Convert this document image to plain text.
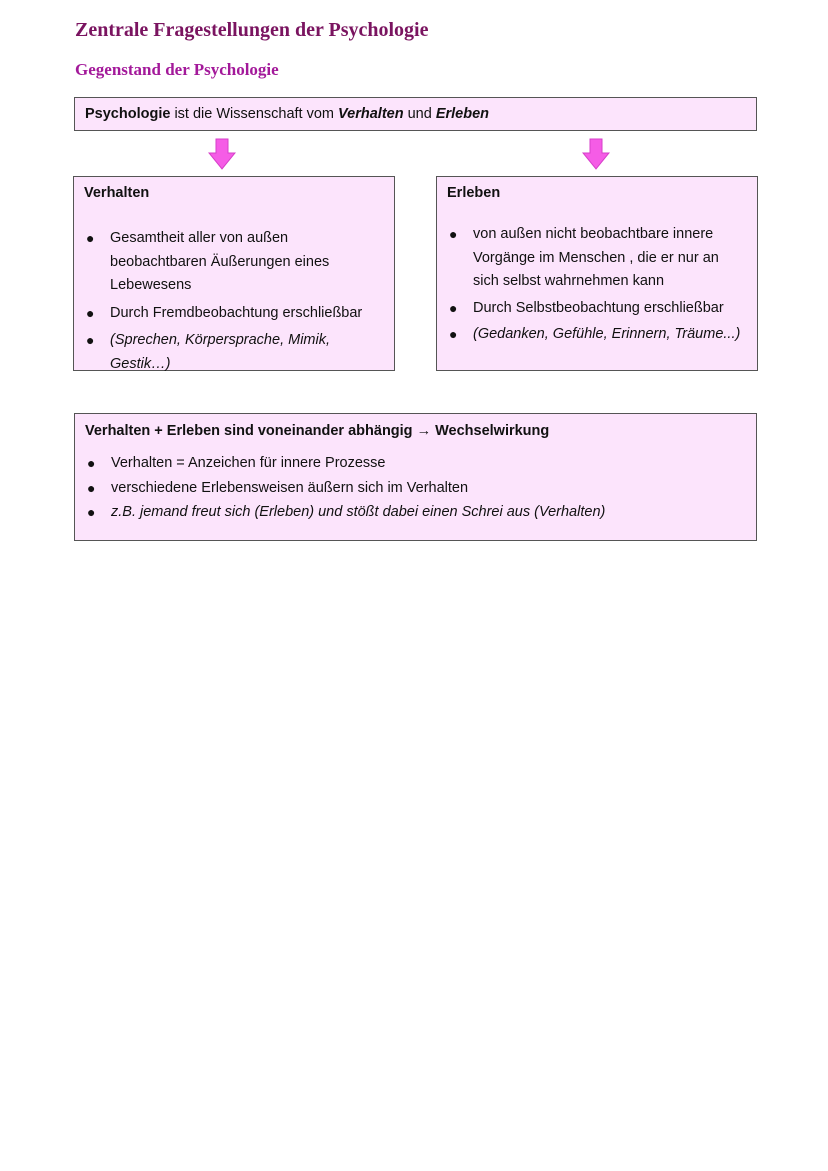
Zentrale Fragestellungen der Psychologie
Gegenstand der Psychologie
Psychologie ist die Wissenschaft vom Verhalten und Erleben

Verhalten

● Gesamtheit aller von außen beobachtbaren Äußerungen eines Lebewesens
● Durch Fremdbeobachtung erschließbar
● (Sprechen, Körpersprache, Mimik, Gestik…)

Erleben

● von außen nicht beobachtbare innere Vorgänge im Menschen , die er nur an sich selbst wahrnehmen kann
● Durch Selbstbeobachtung erschließbar
● (Gedanken, Gefühle, Erinnern, Träume...)

Verhalten + Erleben sind voneinander abhängig → Wechselwirkung

● Verhalten = Anzeichen für innere Prozesse
● verschiedene Erlebensweisen äußern sich im Verhalten
● z.B. jemand freut sich (Erleben) und stößt dabei einen Schrei aus (Verhalten)
